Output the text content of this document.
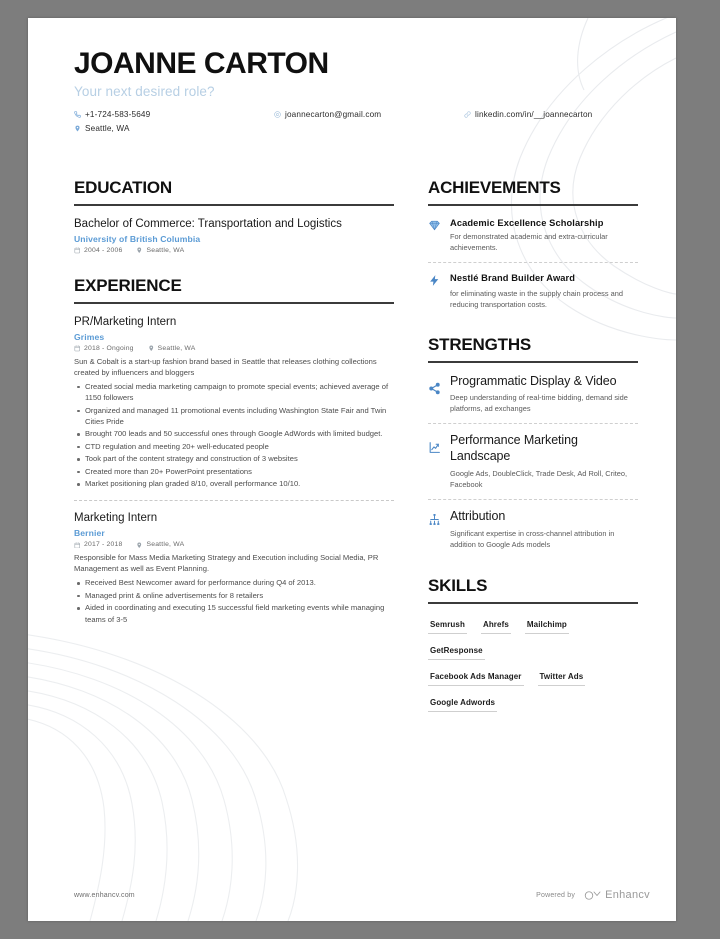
JOANNE CARTON
Your next desired role?
+1-724-583-5649	joannecarton@gmail.com	linkedin.com/in/__joannecarton
Seattle, WA
EDUCATION
Bachelor of Commerce: Transportation and Logistics
University of British Columbia
2004 - 2006	Seattle, WA
EXPERIENCE
PR/Marketing Intern
Grimes
2018 - Ongoing	Seattle, WA

Sun & Cobalt is a start-up fashion brand based in Seattle that releases clothing collections created by influencers and bloggers

Created social media marketing campaign to promote special events; achieved average of 1150 followers
Organized and managed 11 promotional events including Washington State Fair and Twin Cities Pride
Brought 700 leads and 50 successful ones through Google AdWords with limited budget.
CTD regulation and meeting 20+ well-educated people
Took part of the content strategy and construction of 3 websites
Created more than 20+ PowerPoint presentations
Market positioning plan graded 8/10, overall performance 10/10.
Marketing Intern
Bernier
2017 - 2018	Seattle, WA

Responsible for Mass Media Marketing Strategy and Execution including Social Media, PR Management as well as Event Planning.

Received Best Newcomer award for performance during Q4 of 2013.
Managed print & online advertisements for 8 retailers
Aided in coordinating and executing 15 successful field marketing events while managing teams of 3-5
ACHIEVEMENTS
Academic Excellence Scholarship

For demonstrated academic and extra-curricular achievements.

Nestlé Brand Builder Award

for eliminating waste in the supply chain process and reducing transportation costs.

STRENGTHS
Programmatic Display & Video

Deep understanding of real-time bidding, demand side platforms, ad exchanges

Performance Marketing Landscape

Google Ads, DoubleClick, Trade Desk, Ad Roll, Criteo, Facebook

Attribution

Significant expertise in cross-channel attribution in addition to Google Ads models

SKILLS
Semrush Ahrefs Mailchimp
GetResponse
Facebook Ads Manager Twitter Ads
Google Adwords
www.enhancv.com	Powered by	Enhancv
